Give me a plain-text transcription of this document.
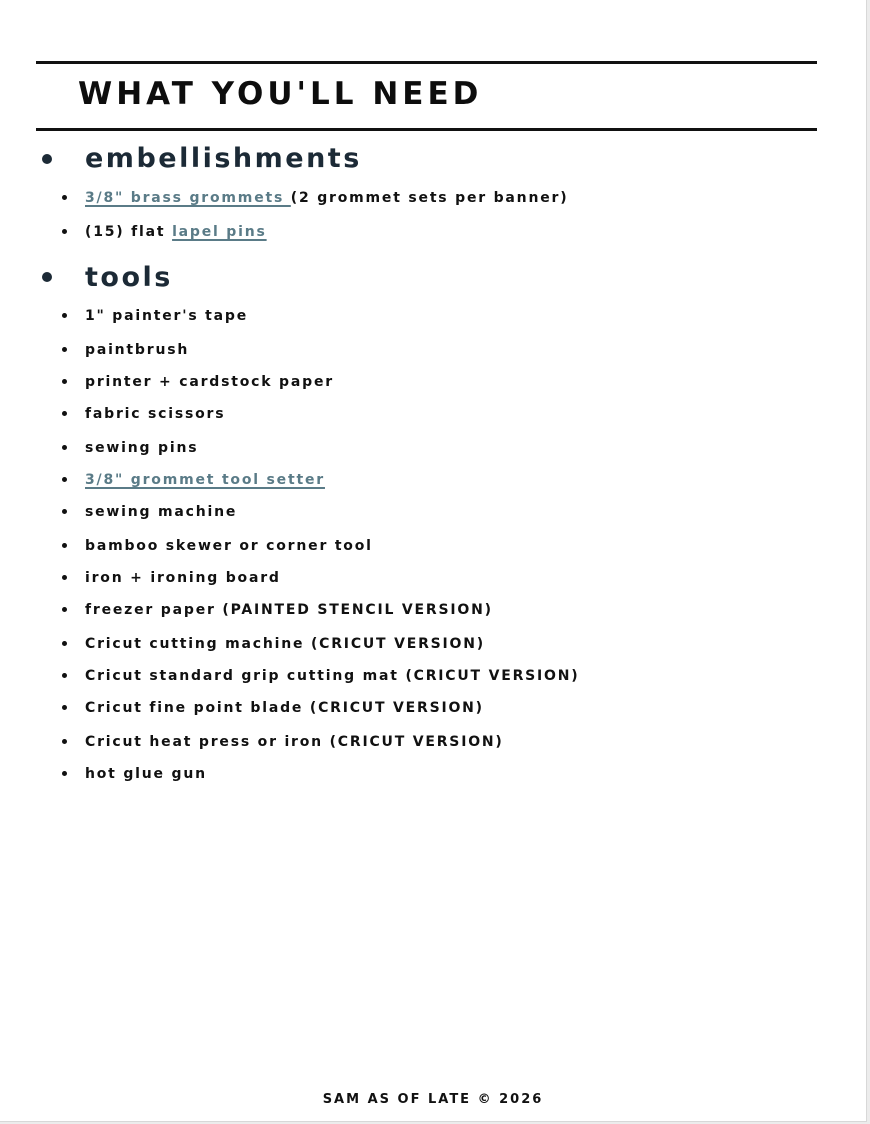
WHAT YOU'LL NEED
embellishments
3/8" brass grommets (2 grommet sets per banner)
(15) flat lapel pins
tools
1" painter's tape
paintbrush
printer + cardstock paper
fabric scissors
sewing pins
3/8" grommet tool setter
sewing machine
bamboo skewer or corner tool
iron + ironing board
freezer paper (PAINTED STENCIL VERSION)
Cricut cutting machine (CRICUT VERSION)
Cricut standard grip cutting mat (CRICUT VERSION)
Cricut fine point blade (CRICUT VERSION)
Cricut heat press or iron (CRICUT VERSION)
hot glue gun
SAM AS OF LATE © 2026
